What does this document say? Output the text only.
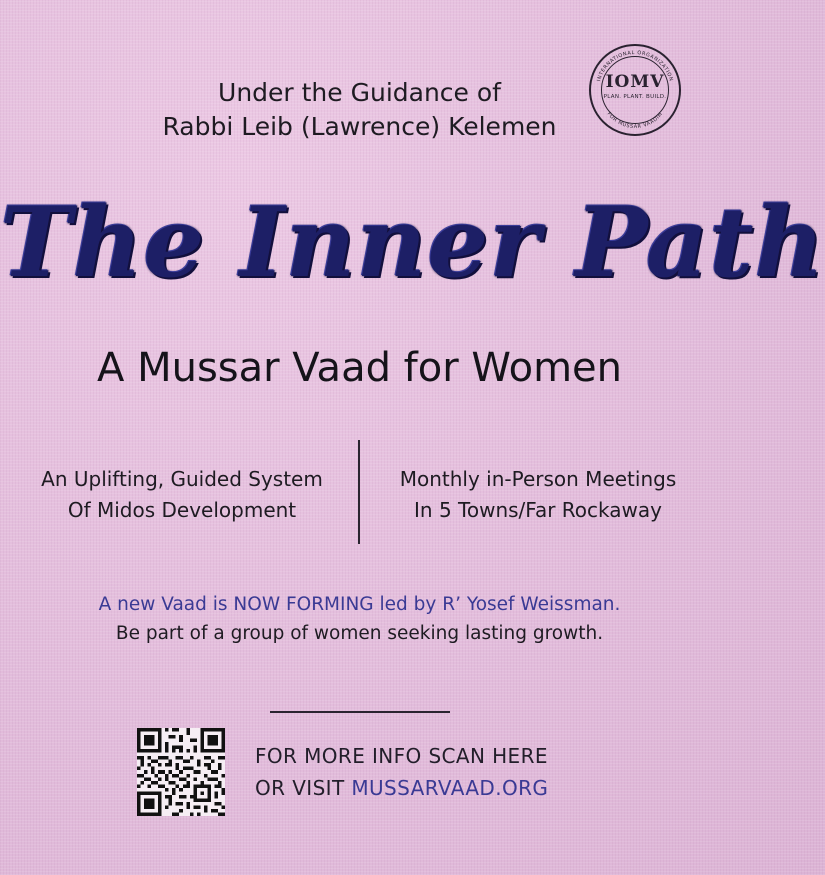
Under the Guidance of
Rabbi Leib (Lawrence) Kelemen
INTERNATIONAL ORGANIZATION
FOR MUSSAR VAADIM
IOMV
PLAN. PLANT. BUILD.
The Inner Path
A Mussar Vaad for Women
An Uplifting, Guided System
Of Midos Development
Monthly in-Person Meetings
In 5 Towns/Far Rockaway
A new Vaad is NOW FORMING led by R’ Yosef Weissman.
Be part of a group of women seeking lasting growth.
FOR MORE INFO SCAN HERE
OR VISIT MUSSARVAAD.ORG
